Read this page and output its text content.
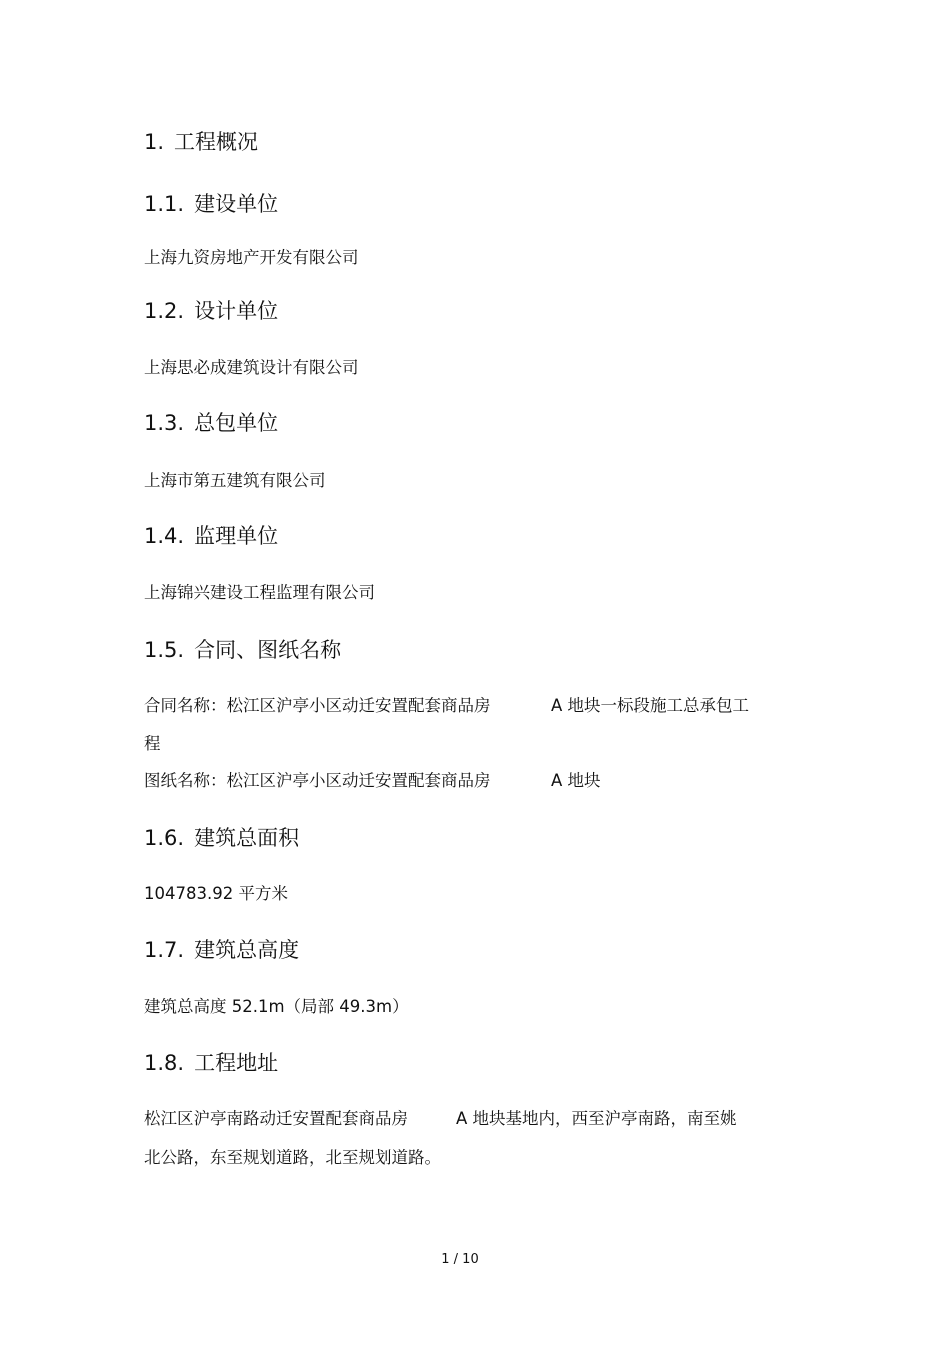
1. 工程概况
1.1. 建设单位
上海九资房地产开发有限公司
1.2. 设计单位
上海思必成建筑设计有限公司
1.3. 总包单位
上海市第五建筑有限公司
1.4. 监理单位
上海锦兴建设工程监理有限公司
1.5. 合同、图纸名称
合同名称：松江区沪亭小区动迁安置配套商品房	A 地块一标段施工总承包工
程
图纸名称：松江区沪亭小区动迁安置配套商品房	A 地块
1.6. 建筑总面积
104783.92 平方米
1.7. 建筑总高度
建筑总高度 52.1m（局部 49.3m）
1.8. 工程地址
松江区沪亭南路动迁安置配套商品房	A 地块基地内，西至沪亭南路，南至姚
北公路，东至规划道路，北至规划道路。
1 / 10
